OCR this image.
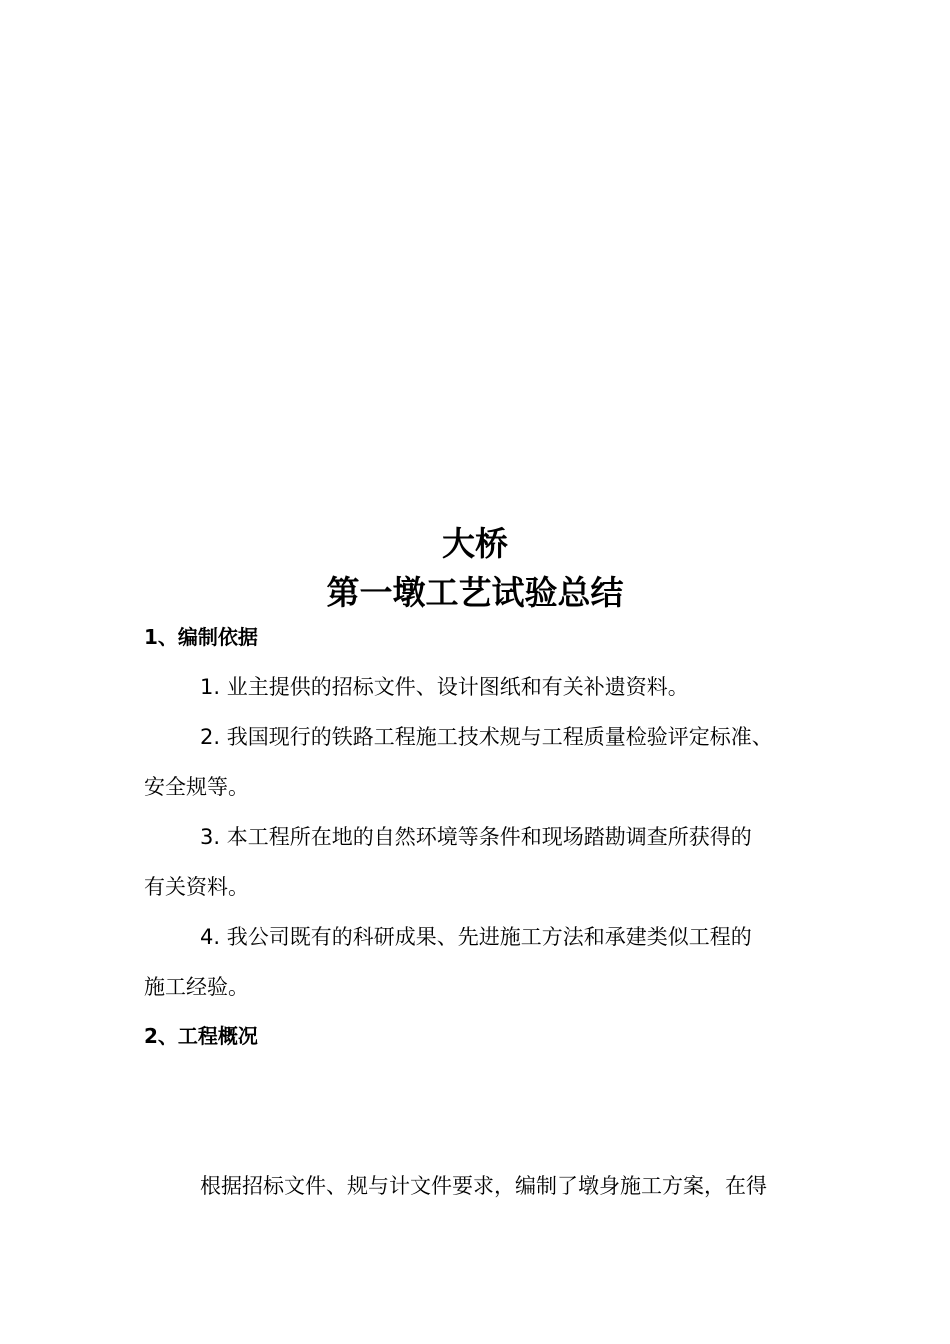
大桥
第一墩工艺试验总结
1、编制依据
1. 业主提供的招标文件、设计图纸和有关补遗资料。
2. 我国现行的铁路工程施工技术规与工程质量检验评定标准、
安全规等。
3. 本工程所在地的自然环境等条件和现场踏勘调查所获得的
有关资料。
4. 我公司既有的科研成果、先进施工方法和承建类似工程的
施工经验。
2、工程概况
根据招标文件、规与计文件要求，编制了墩身施工方案，在得
